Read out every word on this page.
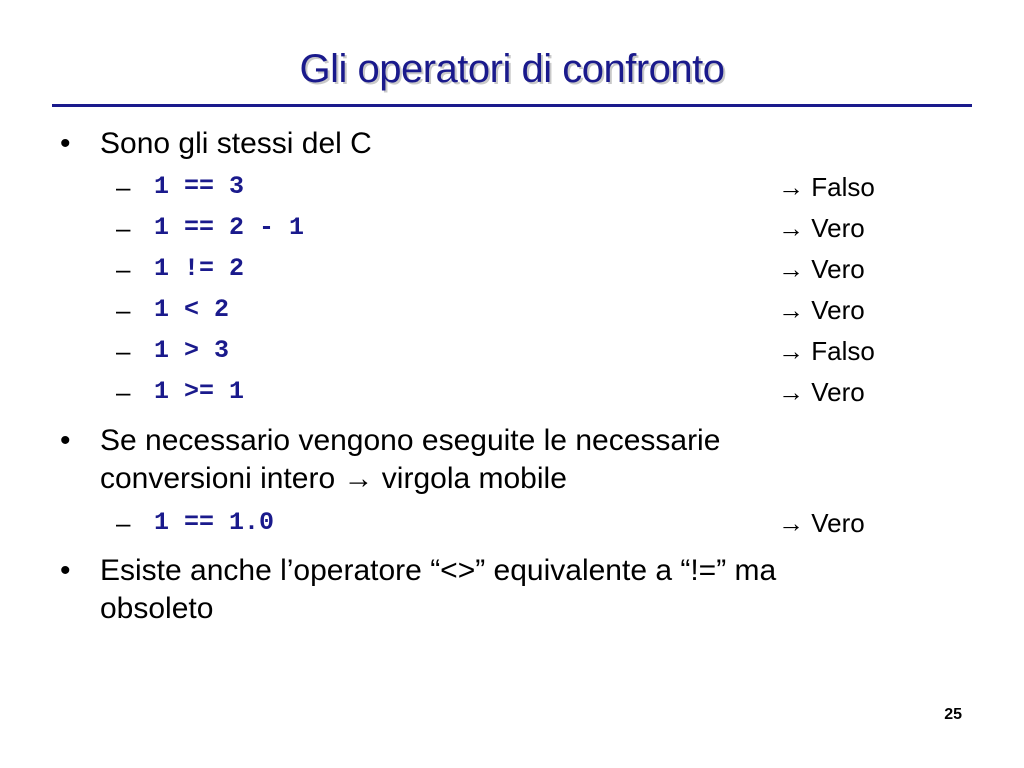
Gli operatori di confronto
• Sono gli stessi del C
– 1 == 3	→ Falso
– 1 == 2 - 1	→ Vero
– 1 != 2	→ Vero
– 1 < 2	→ Vero
– 1 > 3	→ Falso
– 1 >= 1	→ Vero
• Se necessario vengono eseguite le necessarie
conversioni intero → virgola mobile
– 1 == 1.0	→ Vero
• Esiste anche l’operatore “<>” equivalente a “!=” ma
obsoleto
25
